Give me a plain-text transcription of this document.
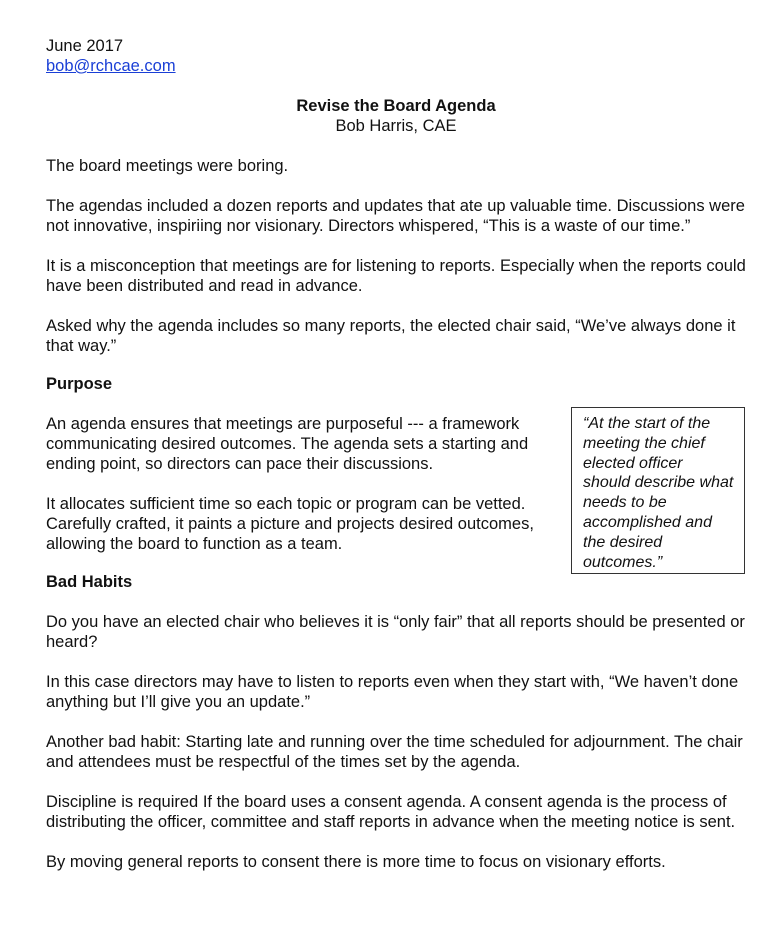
June 2017

bob@rchcae.com

Revise the Board Agenda

Bob Harris, CAE

The board meetings were boring.

The agendas included a dozen reports and updates that ate up valuable time. Discussions were not innovative, inspiriing nor visionary. Directors whispered, “This is a waste of our time.”

It is a misconception that meetings are for listening to reports. Especially when the reports could have been distributed and read in advance.

Asked why the agenda includes so many reports, the elected chair said, “We’ve always done it that way.”

Purpose

An agenda ensures that meetings are purposeful --- a framework communicating desired outcomes. The agenda sets a starting and ending point, so directors can pace their discussions.

It allocates sufficient time so each topic or program can be vetted. Carefully crafted, it paints a picture and projects desired outcomes, allowing the board to function as a team.

“At the start of the meeting the chief elected officer should describe what needs to be accomplished and the desired outcomes.”

Bad Habits

Do you have an elected chair who believes it is “only fair” that all reports should be presented or heard?

In this case directors may have to listen to reports even when they start with, “We haven’t done anything but I’ll give you an update.”

Another bad habit: Starting late and running over the time scheduled for adjournment. The chair and attendees must be respectful of the times set by the agenda.

Discipline is required If the board uses a consent agenda. A consent agenda is the process of distributing the officer, committee and staff reports in advance when the meeting notice is sent.

By moving general reports to consent there is more time to focus on visionary efforts.
